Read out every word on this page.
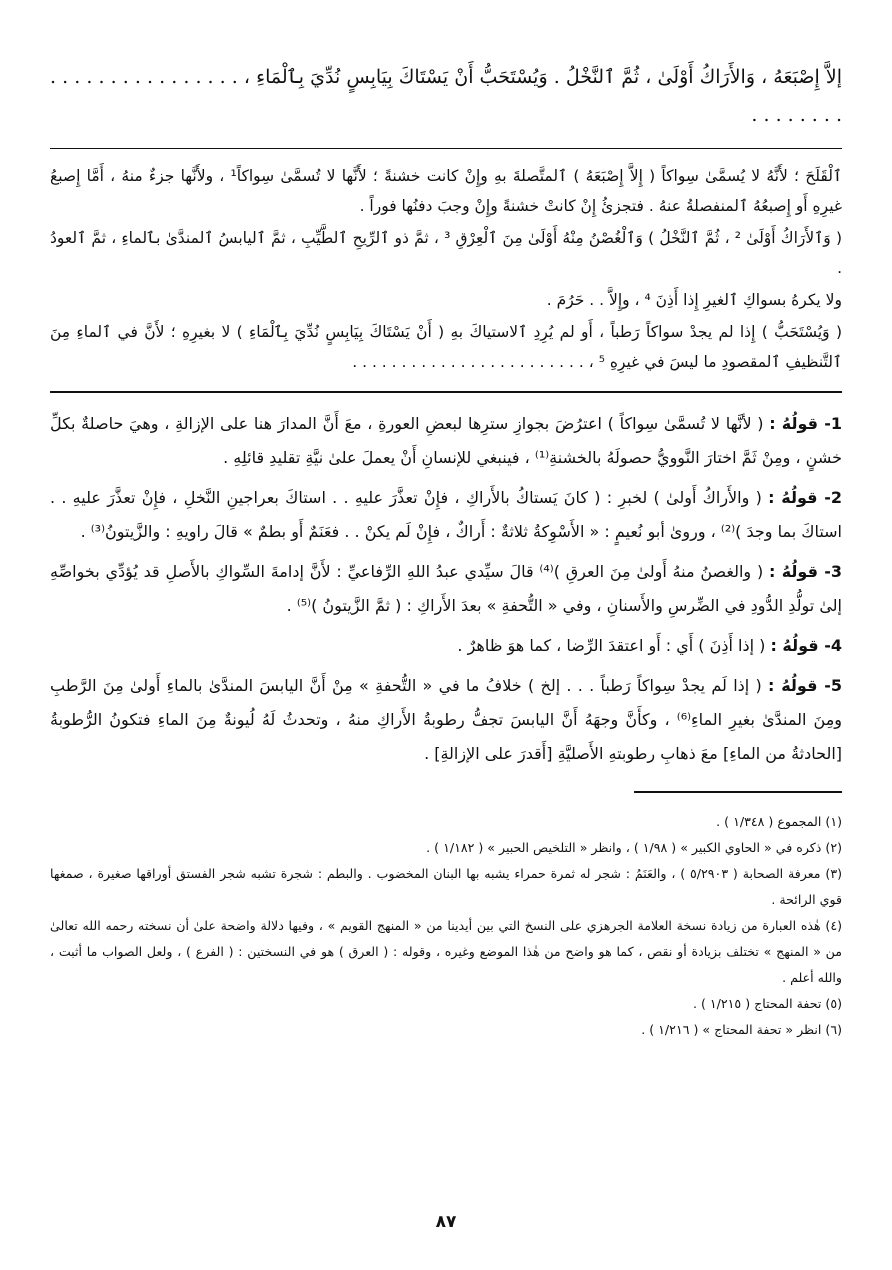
إلاَّ إِصْبَعَهُ ، وَالأَرَاكُ أَوْلَىٰ ، ثُمَّ ٱلنَّخْلُ . وَيُسْتَحَبُّ أَنْ يَسْتَاكَ بِيَابِسٍ نُدِّيَ بِٱلْمَاءِ ، . . . . . . . . . . . . . . . . . . . . . . . .

ٱلْقَلَحَ ؛ لأَنَّهُ لا يُسمَّىٰ سِواكاً ( إِلاَّ إِصْبَعَهُ ) ٱلمتَّصلةَ بهِ وإِنْ كانت خشنةً ؛ لأَنَّها لا تُسمَّىٰ سِواكاً¹ ، ولأَنَّها جزءٌ منهُ ، أَمَّا إِصبعُ غيرِهِ أَو إِصبعُهُ ٱلمنفصلةُ عنهُ . فتجزئُ إِنْ كانتْ خشنةً وإِنْ وجبَ دفنُها فوراً .

( وَٱلأَرَاكُ أَوْلَىٰ ² ، ثُمَّ ٱلنَّخْلُ ) وَٱلْغُصْنُ مِنْهُ أَوْلَىٰ مِنَ ٱلْعِرْقِ ³ ، ثمَّ ذو ٱلرِّيحِ ٱلطَّيِّبِ ، ثمَّ ٱليابسُ ٱلمندَّىٰ بٱلماءِ ، ثمَّ ٱلعودُ .

ولا يكرهُ بسواكِ ٱلغيرِ إِذا أَذِنَ ⁴ ، وإِلاَّ . . حَرُمَ .

( وَيُسْتَحَبُّ ) إِذا لم يجدْ سواكاً رَطباً ، أَو لم يُرِدِ ٱلاستياكَ بهِ ( أَنْ يَسْتَاكَ بِيَابِسٍ نُدِّيَ بِٱلْمَاءِ ) لا بغيرِهِ ؛ لأَنَّ في ٱلماءِ مِنَ ٱلتَّنظيفِ ٱلمقصودِ ما ليسَ في غيرِهِ ⁵ ، . . . . . . . . . . . . . . . . . . . . . . . .

1- قولُهُ : ( لأنَّها لا تُسمَّىٰ سِواكاً ) اعترُضَ بجوازِ سترِها لبعضِ العورةِ ، معَ أَنَّ المدارَ هنا على الإزالةِ ، وهيَ حاصلةٌ بكلِّ خشنٍ ، ومِنْ ثَمَّ اختارَ النَّوويُّ حصولَهُ بالخشنةِ⁽¹⁾ ، فينبغي للإنسانِ أَنْ يعملَ علىٰ نيَّةِ تقليدِ قائلِهِ .

2- قولُهُ : ( والأَراكُ أَولىٰ ) لخبرِ : ( كانَ يَستاكُ بالأَراكِ ، فإِنْ تعذَّرَ عليهِ . . استاكَ بعراجينِ النَّخلِ ، فإِنْ تعذَّرَ عليهِ . . استاكَ بما وجدَ )⁽²⁾ ، ورویٰ أبو نُعيمٍ : « الأَسْوِكةُ ثلاثةٌ : أَراكٌ ، فإِنْ لَم يكنْ . . فعَنَمٌ أَو بطمٌ » قالَ راويهِ : والزَّيتونُ⁽³⁾ .

3- قولُهُ : ( والغصنُ منهُ أَولىٰ مِنَ العرقِ )⁽⁴⁾ قالَ سيِّدي عبدُ اللهِ الرِّفاعيِّ : لأَنَّ إدامةَ السِّواكِ بالأَصلِ قد يُؤدِّي بخواصِّهِ إلىٰ تولُّدِ الدُّودِ في الضِّرسِ والأَسنانِ ، وفي « التُّحفةِ » بعدَ الأَراكِ : ( ثمَّ الزَّيتونُ )⁽⁵⁾ .

4- قولُهُ : ( إذا أَذِنَ ) أَي : أَو اعتقدَ الرِّضا ، كما هوَ ظاهرٌ .

5- قولُهُ : ( إذا لَم يجدْ سِواكاً رَطباً . . . إلخ ) خلافُ ما في « التُّحفةِ » مِنْ أَنَّ اليابسَ المندَّىٰ بالماءِ أَولىٰ مِنَ الرَّطبِ ومِنَ المندَّىٰ بغيرِ الماءِ⁽⁶⁾ ، وكأَنَّ وجهَهُ أَنَّ اليابسَ تجفُّ رطوبةُ الأَراكِ منهُ ، وتحدثُ لَهُ لُيونةٌ مِنَ الماءِ فتكونُ الرُّطوبةُ [الحادثةُ من الماءِ] معَ ذهابِ رطوبتهِ الأَصليَّةِ [أَقدرَ على الإزالةِ] .

(١) المجموع ( ١/٣٤٨ ) .

(٢) ذكره في « الحاوي الكبير » ( ١/٩٨ ) ، وانظر « التلخيص الحبير » ( ١/١٨٢ ) .

(٣) معرفة الصحابة ( ٥/٢٩٠٣ ) ، والعَنَمُ : شجر له ثمرة حمراء يشبه بها البنان المخضوب . والبطم : شجرة تشبه شجر الفستق أوراقها صغيرة ، صمغها قوي الرائحة .

(٤) هٰذه العبارة من زيادة نسخة العلامة الجرهزي على النسخ التي بين أيدينا من « المنهج القويم » ، وفيها دلالة واضحة علىٰ أن نسخته رحمه الله تعالىٰ من « المنهج » تختلف بزيادة أو نقص ، كما هو واضح من هٰذا الموضع وغيره ، وقوله : ( العرق ) هو في النسختين : ( الفرع ) ، ولعل الصواب ما أثبت ، والله أعلم .

(٥) تحفة المحتاج ( ١/٢١٥ ) .

(٦) انظر « تحفة المحتاج » ( ١/٢١٦ ) .

٨٧
